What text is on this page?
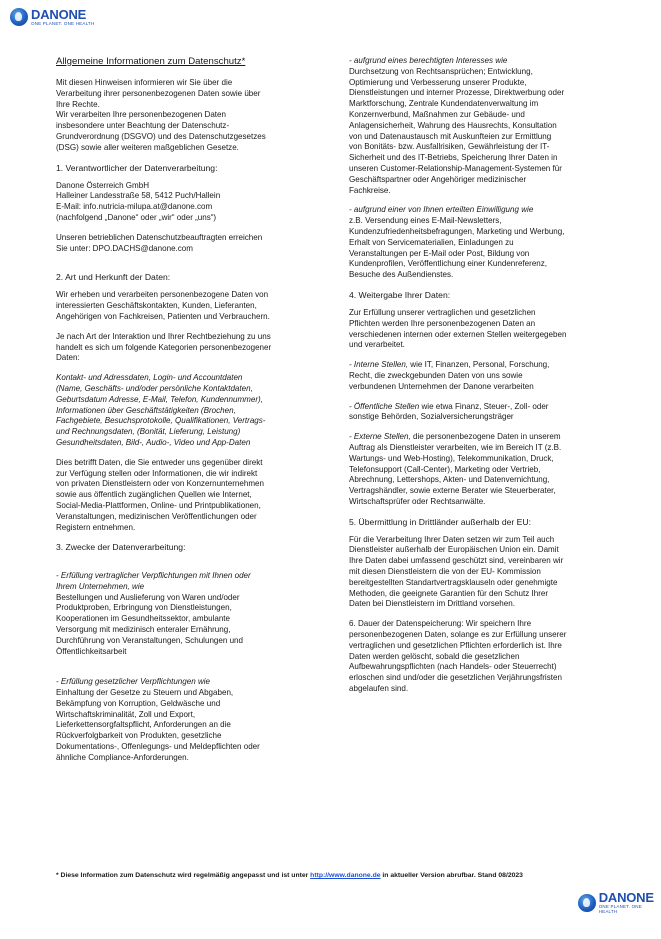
DANONE
ONE PLANET. ONE HEALTH
Allgemeine Informationen zum Datenschutz*
Mit diesen Hinweisen informieren wir Sie über die
Verarbeitung ihrer personenbezogenen Daten sowie über
Ihre Rechte.
Wir verarbeiten Ihre personenbezogenen Daten
insbesondere unter Beachtung der Datenschutz-
Grundverordnung (DSGVO) und des Datenschutzgesetzes
(DSG) sowie aller weiteren maßgeblichen Gesetze.
1. Verantwortlicher der Datenverarbeitung:
Danone Österreich GmbH
Halleiner Landesstraße 58, 5412 Puch/Hallein
E-Mail: info.nutricia-milupa.at@danone.com
(nachfolgend „Danone“ oder „wir“ oder „uns“)
Unseren betrieblichen Datenschutzbeauftragten erreichen
Sie unter: DPO.DACHS@danone.com
2. Art und Herkunft der Daten:
Wir erheben und verarbeiten personenbezogene Daten von
interessierten Geschäftskontakten, Kunden, Lieferanten,
Angehörigen von Fachkreisen, Patienten und Verbrauchern.
Je nach Art der Interaktion und Ihrer Rechtbeziehung zu uns
handelt es sich um folgende Kategorien personenbezogener
Daten:
Kontakt- und Adressdaten, Login- und Accountdaten
(Name, Geschäfts- und/oder persönliche Kontaktdaten,
Geburtsdatum Adresse, E-Mail, Telefon, Kundennummer),
Informationen über Geschäftstätigkeiten (Brochen,
Fachgebiete, Besuchsprotokolle, Qualifikationen, Vertrags-
und Rechnungsdaten, (Bonität, Lieferung, Leistung)
Gesundheitsdaten, Bild-, Audio-, Video und App-Daten
Dies betrifft Daten, die Sie entweder uns gegenüber direkt
zur Verfügung stellen oder Informationen, die wir indirekt
von privaten Dienstleistern oder von Konzernunternehmen
sowie aus öffentlich zugänglichen Quellen wie Internet,
Social-Media-Plattformen, Online- und Printpublikationen,
Veranstaltungen, medizinischen Veröffentlichungen oder
Registern entnehmen.
3. Zwecke der Datenverarbeitung:

- Erfüllung vertraglicher Verpflichtungen mit Ihnen oder
Ihrem Unternehmen, wie

Bestellungen und Auslieferung von Waren und/oder
Produktproben, Erbringung von Dienstleistungen,
Kooperationen im Gesundheitssektor, ambulante
Versorgung mit medizinisch enteraler Ernährung,
Durchführung von Veranstaltungen, Schulungen und
Öffentlichkeitsarbeit

- Erfüllung gesetzlicher Verpflichtungen wie

Einhaltung der Gesetze zu Steuern und Abgaben,
Bekämpfung von Korruption, Geldwäsche und
Wirtschaftskriminalität, Zoll und Export,
Lieferkettensorgfaltspflicht, Anforderungen an die
Rückverfolgbarkeit von Produkten, gesetzliche
Dokumentations-, Offenlegungs- und Meldepflichten oder
ähnliche Compliance-Anforderungen.
- aufgrund eines berechtigten Interesses wie
Durchsetzung von Rechtsansprüchen; Entwicklung,
Optimierung und Verbesserung unserer Produkte,
Dienstleistungen und interner Prozesse, Direktwerbung oder
Marktforschung, Zentrale Kundendatenverwaltung im
Konzernverbund, Maßnahmen zur Gebäude- und
Anlagensicherheit, Wahrung des Hausrechts, Konsultation
von und Datenaustausch mit Auskunfteien zur Ermittlung
von Bonitäts- bzw. Ausfallrisiken, Gewährleistung der IT-
Sicherheit und des IT-Betriebs, Speicherung Ihrer Daten in
unseren Customer-Relationship-Management-Systemen für
Geschäftspartner oder Angehöriger medizinischer
Fachkreise.
- aufgrund einer von Ihnen erteilten Einwilligung wie
z.B. Versendung eines E-Mail-Newsletters,
Kundenzufriedenheitsbefragungen, Marketing und Werbung,
Erhalt von Servicematerialien, Einladungen zu
Veranstaltungen per E-Mail oder Post, Bildung von
Kundenprofilen, Veröffentlichung einer Kundenreferenz,
Besuche des Außendienstes.
4. Weitergabe Ihrer Daten:
Zur Erfüllung unserer vertraglichen und gesetzlichen
Pflichten werden Ihre personenbezogenen Daten an
verschiedenen internen oder externen Stellen weitergegeben
und verarbeitet.
- Interne Stellen, wie IT, Finanzen, Personal, Forschung,
Recht, die zweckgebunden Daten von uns sowie
verbundenen Unternehmen der Danone verarbeiten
- Öffentliche Stellen wie etwa Finanz, Steuer-, Zoll- oder
sonstige Behörden, Sozialversicherungsträger
- Externe Stellen, die personenbezogene Daten in unserem
Auftrag als Dienstleister verarbeiten, wie im Bereich IT (z.B.
Wartungs- und Web-Hosting), Telekommunikation, Druck,
Telefonsupport (Call-Center), Marketing oder Vertrieb,
Abrechnung, Lettershops, Akten- und Datenvernichtung,
Vertragshändler, sowie externe Berater wie Steuerberater,
Wirtschaftsprüfer oder Rechtsanwälte.
5. Übermittlung in Drittländer außerhalb der EU:
Für die Verarbeitung Ihrer Daten setzen wir zum Teil auch
Dienstleister außerhalb der Europäischen Union ein. Damit
Ihre Daten dabei umfassend geschützt sind, vereinbaren wir
mit diesen Dienstleistern die von der EU- Kommission
bereitgestellten Standartvertragsklauseln oder genehmigte
Methoden, die geeignete Garantien für den Schutz Ihrer
Daten bei Dienstleistern im Drittland vorsehen.
6. Dauer der Datenspeicherung: Wir speichern Ihre
personenbezogenen Daten, solange es zur Erfüllung unserer
vertraglichen und gesetzlichen Pflichten erforderlich ist. Ihre
Daten werden gelöscht, sobald die gesetzlichen
Aufbewahrungspflichten (nach Handels- oder Steuerrecht)
erloschen sind und/oder die gesetzlichen Verjährungsfristen
abgelaufen sind.
* Diese Information zum Datenschutz wird regelmäßig angepasst und ist unter http://www.danone.de in aktueller Version abrufbar. Stand 08/2023
DANONE
ONE PLANET. ONE HEALTH
